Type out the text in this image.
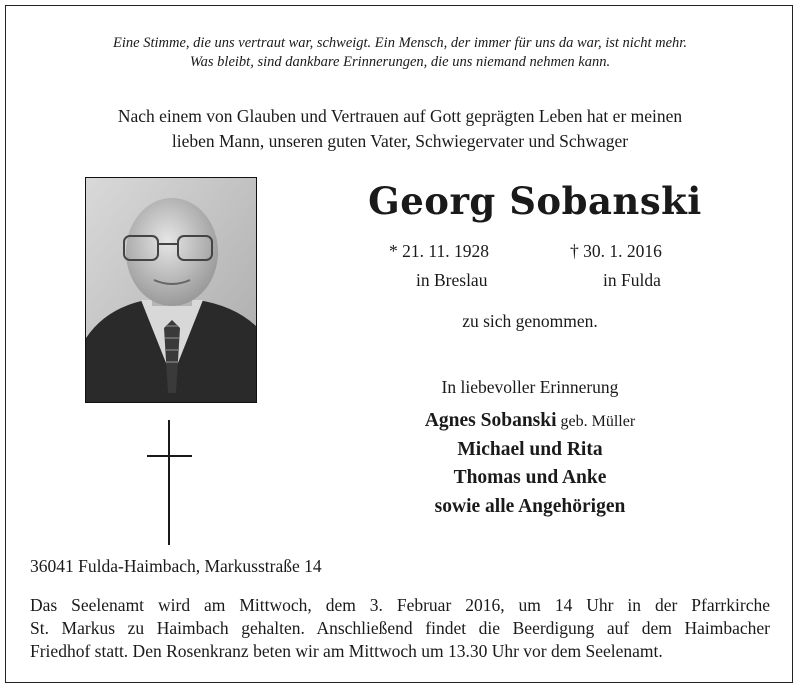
Eine Stimme, die uns vertraut war, schweigt. Ein Mensch, der immer für uns da war, ist nicht mehr.
Was bleibt, sind dankbare Erinnerungen, die uns niemand nehmen kann.
Nach einem von Glauben und Vertrauen auf Gott geprägten Leben hat er meinen
lieben Mann, unseren guten Vater, Schwiegervater und Schwager
Georg Sobanski
* 21. 11. 1928	† 30. 1. 2016
in Breslau	in Fulda
zu sich genommen.
In liebevoller Erinnerung
Agnes Sobanski geb. Müller
Michael und Rita
Thomas und Anke
sowie alle Angehörigen
36041 Fulda-Haimbach, Markusstraße 14
Das Seelenamt wird am Mittwoch, dem 3. Februar 2016, um 14 Uhr in der Pfarrkirche
St. Markus zu Haimbach gehalten. Anschließend findet die Beerdigung auf dem Haimbacher
Friedhof statt. Den Rosenkranz beten wir am Mittwoch um 13.30 Uhr vor dem Seelenamt.
